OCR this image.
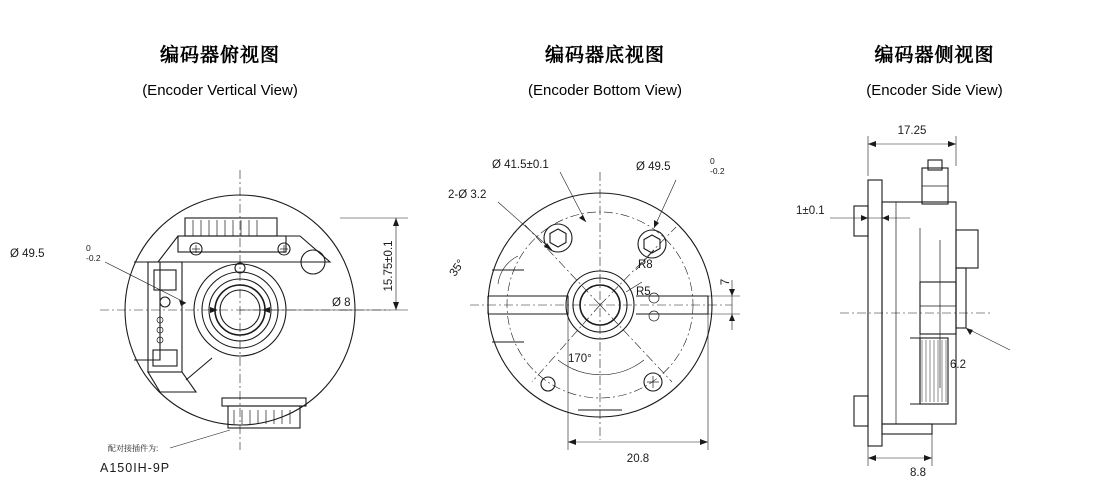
编码器俯视图
(Encoder Vertical View)
Ø 49.5	0
-0.2	15.75±0.1
Ø 8
配对接插件为:
A150IH-9P
编码器底视图
(Encoder Bottom View)
Ø 41.5±0.1
2-Ø 3.2
Ø 49.5	0
-0.2
35°	R8
R5
170°
7
20.8
编码器侧视图
(Encoder Side View)
17.25
1±0.1
6.2
8.8
